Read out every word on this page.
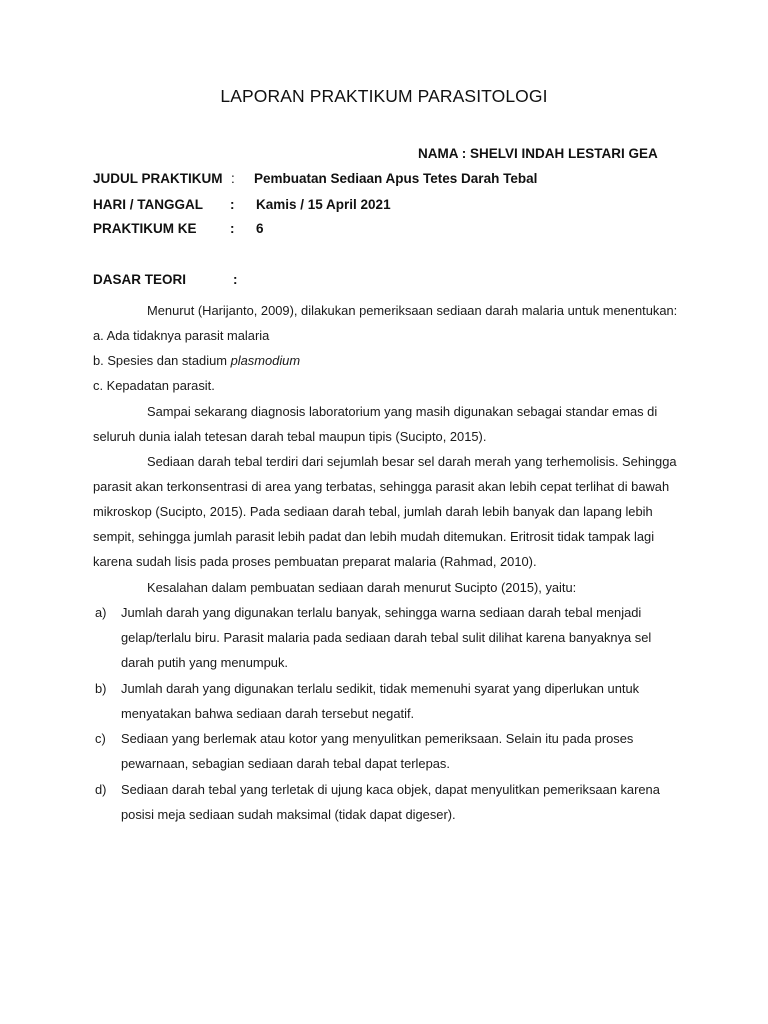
LAPORAN PRAKTIKUM PARASITOLOGI
NAMA : SHELVI INDAH LESTARI GEA
JUDUL PRAKTIKUM : Pembuatan Sediaan Apus Tetes Darah Tebal
HARI / TANGGAL : Kamis / 15 April 2021
PRAKTIKUM KE : 6
DASAR TEORI	:
Menurut (Harijanto, 2009), dilakukan pemeriksaan sediaan darah malaria untuk menentukan:
a. Ada tidaknya parasit malaria
b. Spesies dan stadium plasmodium
c. Kepadatan parasit.
Sampai sekarang diagnosis laboratorium yang masih digunakan sebagai standar emas di
seluruh dunia ialah tetesan darah tebal maupun tipis (Sucipto, 2015).
Sediaan darah tebal terdiri dari sejumlah besar sel darah merah yang terhemolisis. Sehingga
parasit akan terkonsentrasi di area yang terbatas, sehingga parasit akan lebih cepat terlihat di bawah
mikroskop (Sucipto, 2015). Pada sediaan darah tebal, jumlah darah lebih banyak dan lapang lebih
sempit, sehingga jumlah parasit lebih padat dan lebih mudah ditemukan. Eritrosit tidak tampak lagi
karena sudah lisis pada proses pembuatan preparat malaria (Rahmad, 2010).
Kesalahan dalam pembuatan sediaan darah menurut Sucipto (2015), yaitu:
a) Jumlah darah yang digunakan terlalu banyak, sehingga warna sediaan darah tebal menjadi
gelap/terlalu biru. Parasit malaria pada sediaan darah tebal sulit dilihat karena banyaknya sel
darah putih yang menumpuk.
b) Jumlah darah yang digunakan terlalu sedikit, tidak memenuhi syarat yang diperlukan untuk
menyatakan bahwa sediaan darah tersebut negatif.
c) Sediaan yang berlemak atau kotor yang menyulitkan pemeriksaan. Selain itu pada proses
pewarnaan, sebagian sediaan darah tebal dapat terlepas.
d) Sediaan darah tebal yang terletak di ujung kaca objek, dapat menyulitkan pemeriksaan karena
posisi meja sediaan sudah maksimal (tidak dapat digeser).
